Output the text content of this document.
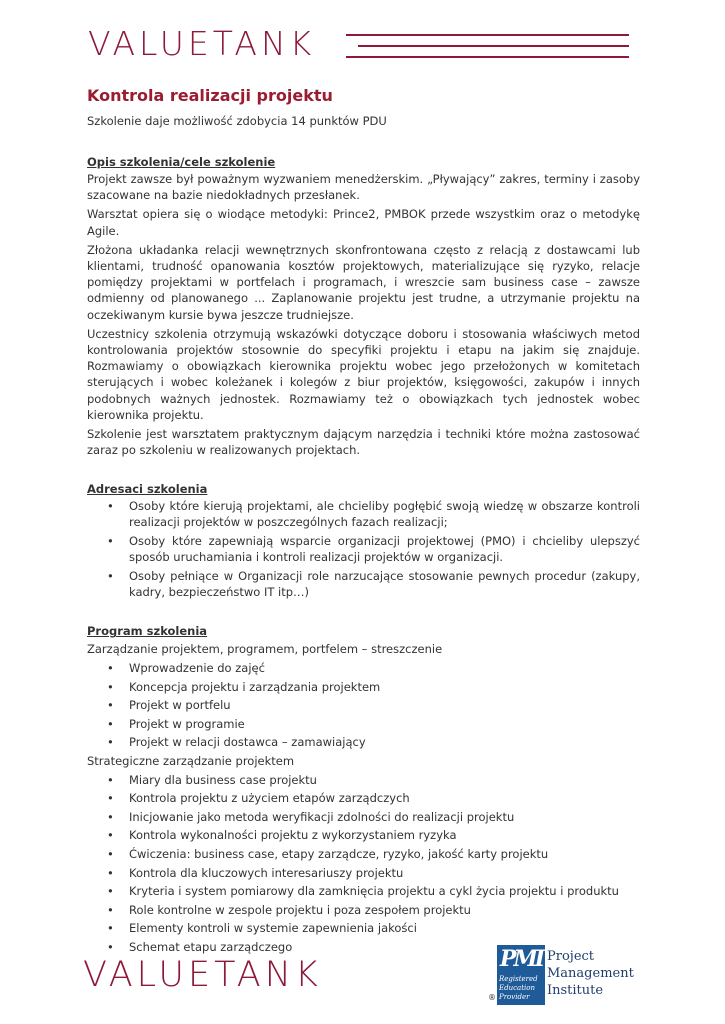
VALUETANK
Kontrola realizacji projektu

Szkolenie daje możliwość zdobycia 14 punktów PDU

Opis szkolenia/cele szkolenie

Projekt zawsze był poważnym wyzwaniem menedżerskim. „Pływający” zakres, terminy i zasoby szacowane na bazie niedokładnych przesłanek.

Warsztat opiera się o wiodące metodyki: Prince2, PMBOK przede wszystkim oraz o metodykę Agile.

Złożona układanka relacji wewnętrznych skonfrontowana często z relacją z dostawcami lub klientami, trudność opanowania kosztów projektowych, materializujące się ryzyko, relacje pomiędzy projektami w portfelach i programach, i wreszcie sam business case – zawsze odmienny od planowanego ... Zaplanowanie projektu jest trudne, a utrzymanie projektu na oczekiwanym kursie bywa jeszcze trudniejsze.

Uczestnicy szkolenia otrzymują wskazówki dotyczące doboru i stosowania właściwych metod kontrolowania projektów stosownie do specyfiki projektu i etapu na jakim się znajduje. Rozmawiamy o obowiązkach kierownika projektu wobec jego przełożonych w komitetach sterujących i wobec koleżanek i kolegów z biur projektów, księgowości, zakupów i innych podobnych ważnych jednostek. Rozmawiamy też o obowiązkach tych jednostek wobec kierownika projektu.

Szkolenie jest warsztatem praktycznym dającym narzędzia i techniki które można zastosować zaraz po szkoleniu w realizowanych projektach.

Adresaci szkolenia

• Osoby które kierują projektami, ale chcieliby pogłębić swoją wiedzę w obszarze kontroli realizacji projektów w poszczególnych fazach realizacji;
• Osoby które zapewniają wsparcie organizacji projektowej (PMO) i chcieliby ulepszyć sposób uruchamiania i kontroli realizacji projektów w organizacji.
• Osoby pełniące w Organizacji role narzucające stosowanie pewnych procedur (zakupy, kadry, bezpieczeństwo IT itp…)

Program szkolenia

Zarządzanie projektem, programem, portfelem – streszczenie

• Wprowadzenie do zajęć
• Koncepcja projektu i zarządzania projektem
• Projekt w portfelu
• Projekt w programie
• Projekt w relacji dostawca – zamawiający

Strategiczne zarządzanie projektem

• Miary dla business case projektu
• Kontrola projektu z użyciem etapów zarządczych
• Inicjowanie jako metoda weryfikacji zdolności do realizacji projektu
• Kontrola wykonalności projektu z wykorzystaniem ryzyka
• Ćwiczenia: business case, etapy zarządcze, ryzyko, jakość karty projektu
• Kontrola dla kluczowych interesariuszy projektu
• Kryteria i system pomiarowy dla zamknięcia projektu a cykl życia projektu i produktu
• Role kontrolne w zespole projektu i poza zespołem projektu
• Elementy kontroli w systemie zapewnienia jakości
• Schemat etapu zarządczego
VALUETANK	PMI
Registered
Education
Provider
Project
Management
Institute
®
